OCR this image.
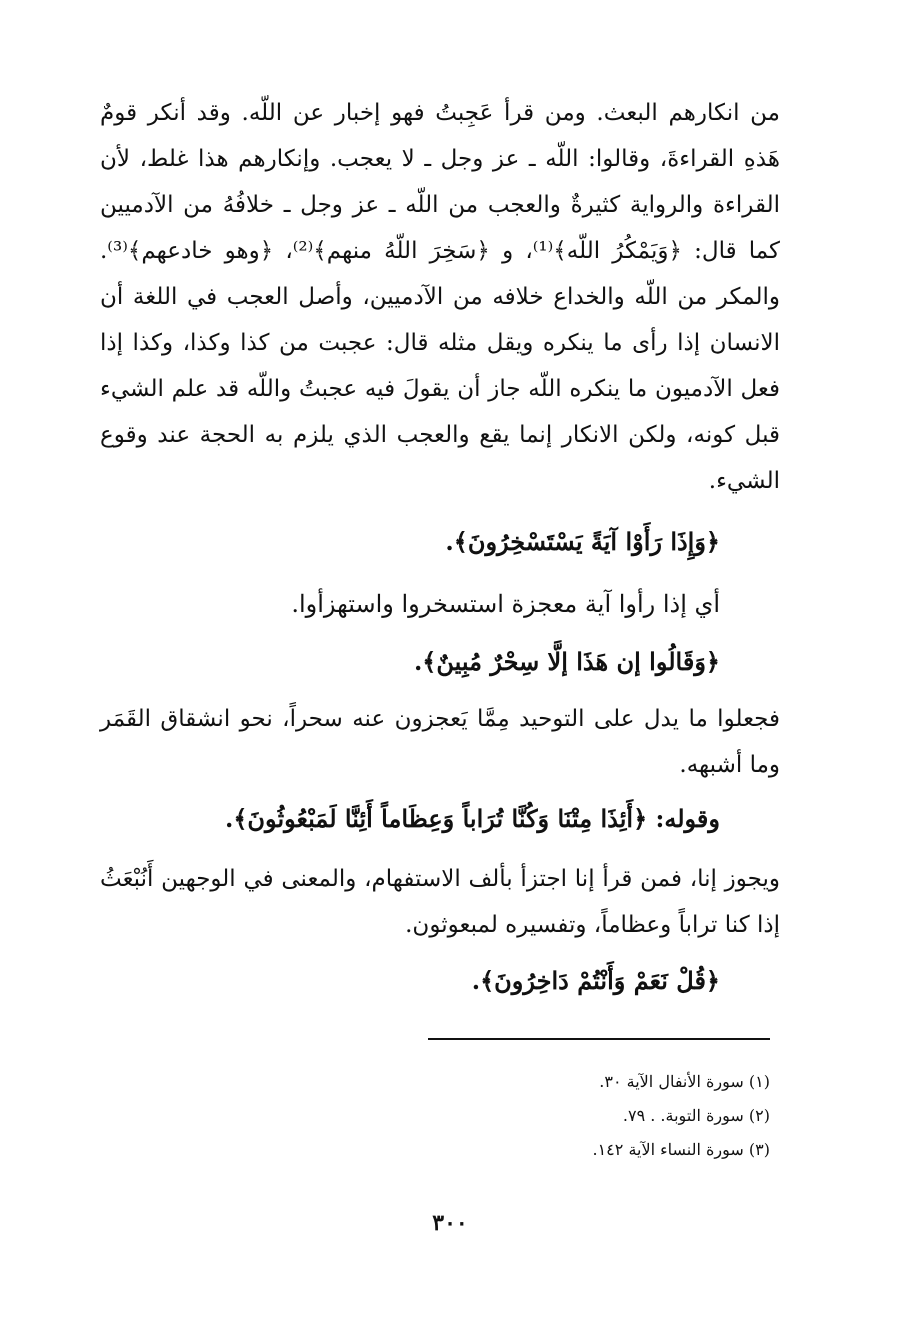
من انكارهم البعث. ومن قرأ عَجِبتُ فهو إخبار عن اللّه. وقد أنكر قومٌ هَذهِ القراءةَ، وقالوا: اللّه ـ عز وجل ـ لا يعجب. وإنكارهم هذا غلط، لأن القراءة والرواية كثيرةٌ والعجب من اللّه ـ عز وجل ـ خلافُهُ من الآدميين كما قال: ﴿وَيَمْكُرُ اللّه﴾⁽¹⁾، و ﴿سَخِرَ اللّهُ منهم﴾⁽²⁾، ﴿وهو خادعهم﴾⁽³⁾. والمكر من اللّه والخداع خلافه من الآدميين، وأصل العجب في اللغة أن الانسان إذا رأى ما ينكره ويقل مثله قال: عجبت من كذا وكذا، وكذا إذا فعل الآدميون ما ينكره اللّه جاز أن يقولَ فيه عجبتُ واللّه قد علم الشيء قبل كونه، ولكن الانكار إنما يقع والعجب الذي يلزم به الحجة عند وقوع الشيء.

﴿وَإِذَا رَأَوْا آيَةً يَسْتَسْخِرُونَ﴾.

أي إذا رأوا آية معجزة استسخروا واستهزأوا.

﴿وَقَالُوا إن هَذَا إلَّا سِحْرٌ مُبِينٌ﴾.

فجعلوا ما يدل على التوحيد مِمَّا يَعجزون عنه سحراً، نحو انشقاق القَمَر وما أشبهه.

وقوله: ﴿أَئِذَا مِتْنَا وَكُنَّا تُرَاباً وَعِظَاماً أَئِنَّا لَمَبْعُوثُونَ﴾.

ويجوز إنا، فمن قرأ إنا اجتزأ بألف الاستفهام، والمعنى في الوجهين أَنُبْعَثُ إذا كنا تراباً وعظاماً، وتفسيره لمبعوثون.

﴿قُلْ نَعَمْ وَأَنْتُمْ دَاخِرُونَ﴾.

(١) سورة الأنفال الآية ٣٠.
(٢) سورة التوبة. . ٧٩.
(٣) سورة النساء الآية ١٤٢.
٣٠٠
